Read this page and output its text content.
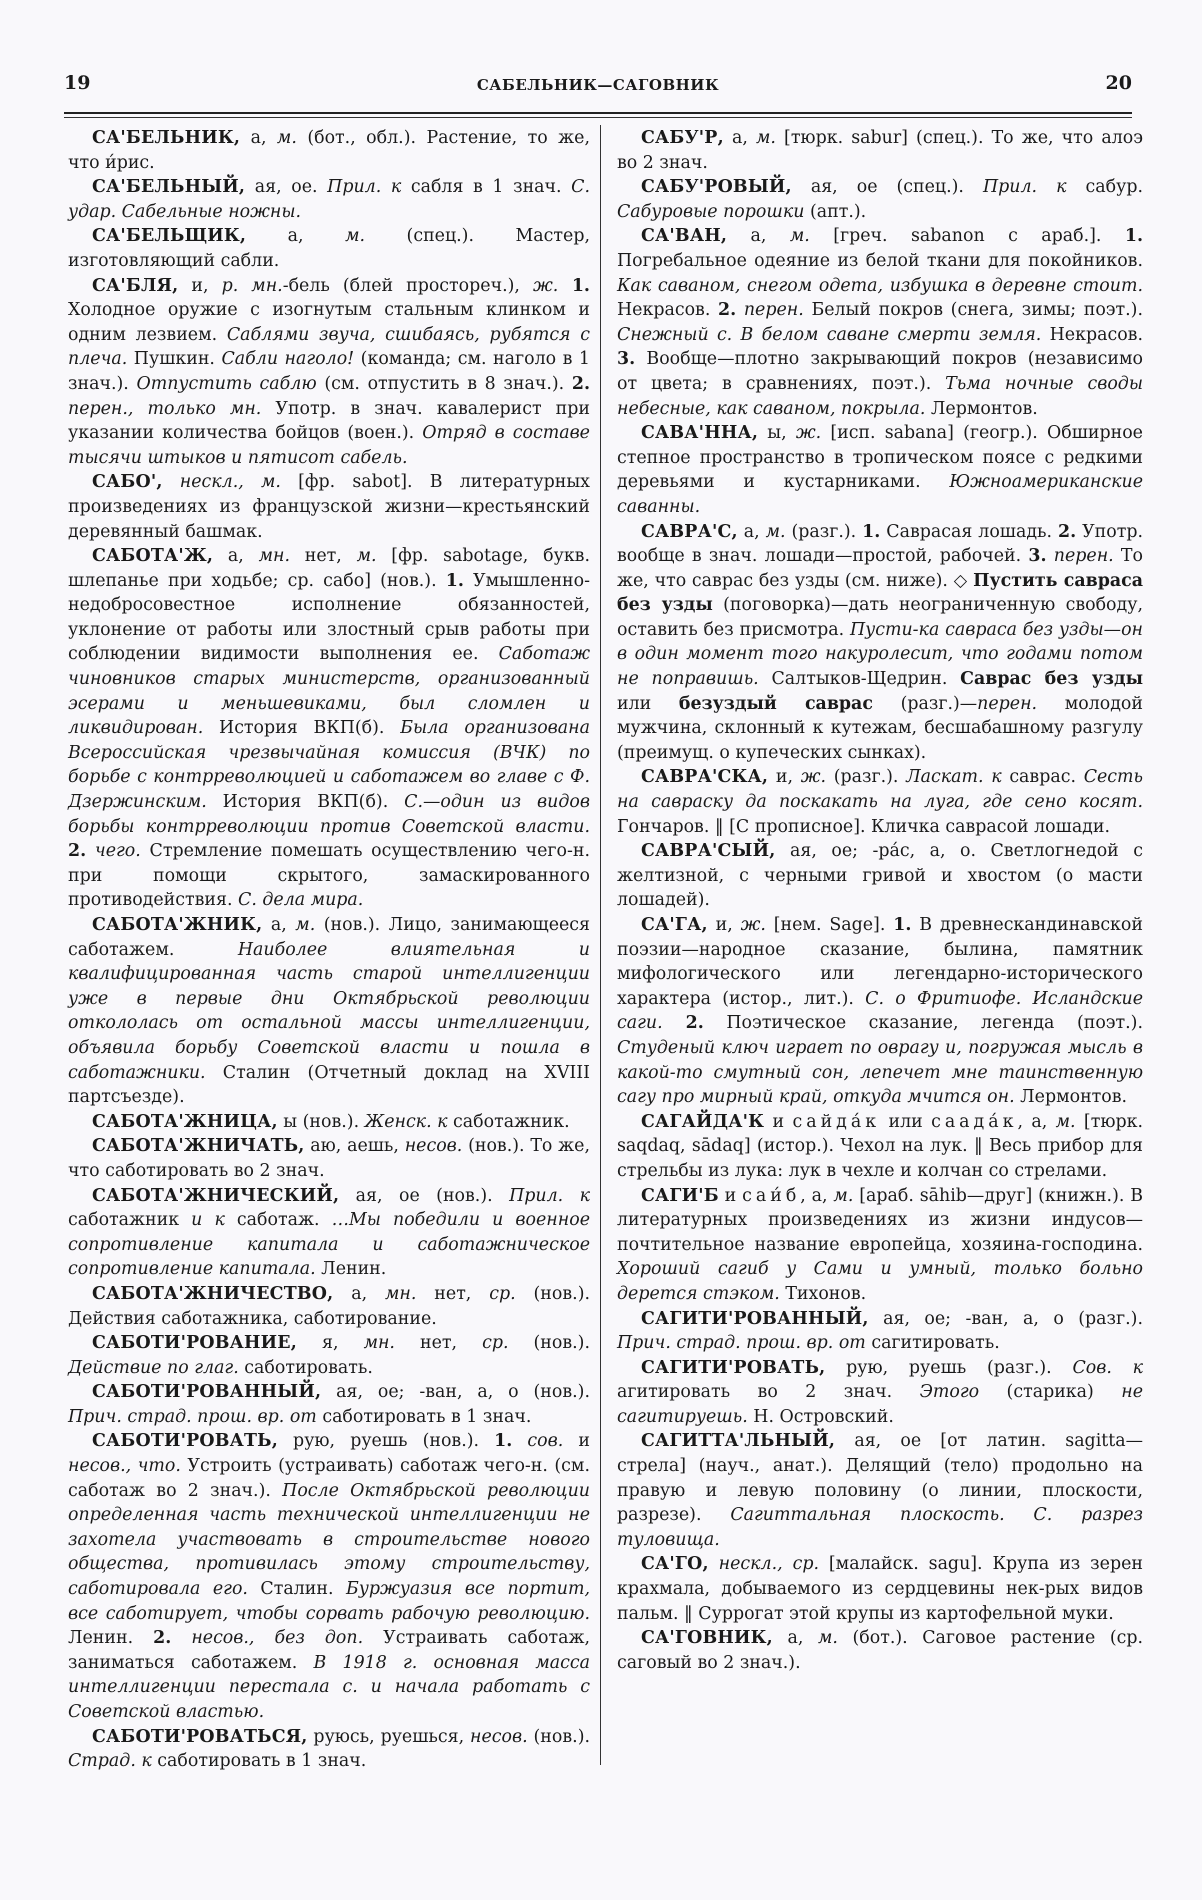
19	САБЕЛЬНИК—САГОВНИК	20

СА'БЕЛЬНИК, а, м. (бот., обл.). Растение, то же, что и́рис.

СА'БЕЛЬНЫЙ, ая, ое. Прил. к сабля в 1 знач. С. удар. Сабельные ножны.

СА'БЕЛЬЩИК, а, м. (спец.). Мастер, изготовляющий сабли.

СА'БЛЯ, и, р. мн.-бель (блей простореч.), ж. 1. Холодное оружие с изогнутым стальным клинком и одним лезвием. Саблями звуча, сшибаясь, рубятся с плеча. Пушкин. Сабли наголо! (команда; см. наголо в 1 знач.). Отпустить саблю (см. отпустить в 8 знач.). 2. перен., только мн. Употр. в знач. кавалерист при указании количества бойцов (воен.). Отряд в составе тысячи штыков и пятисот сабель.

САБО', нескл., м. [фр. sabot]. В литературных произведениях из французской жизни—крестьянский деревянный башмак.

САБОТА'Ж, а, мн. нет, м. [фр. sabotage, букв. шлепанье при ходьбе; ср. сабо] (нов.). 1. Умышленно-недобросовестное исполнение обязанностей, уклонение от работы или злостный срыв работы при соблюдении видимости выполнения ее. Саботаж чиновников старых министерств, организованный эсерами и меньшевиками, был сломлен и ликвидирован. История ВКП(б). Была организована Всероссийская чрезвычайная комиссия (ВЧК) по борьбе с контрреволюцией и саботажем во главе с Ф. Дзержинским. История ВКП(б). С.—один из видов борьбы контрреволюции против Советской власти. 2. чего. Стремление помешать осуществлению чего-н. при помощи скрытого, замаскированного противодействия. С. дела мира.

САБОТА'ЖНИК, а, м. (нов.). Лицо, занимающееся саботажем. Наиболее влиятельная и квалифицированная часть старой интеллигенции уже в первые дни Октябрьской революции откололась от остальной массы интеллигенции, объявила борьбу Советской власти и пошла в саботажники. Сталин (Отчетный доклад на XVIII партсъезде).

САБОТА'ЖНИЦА, ы (нов.). Женск. к саботажник.

САБОТА'ЖНИЧАТЬ, аю, аешь, несов. (нов.). То же, что саботировать во 2 знач.

САБОТА'ЖНИЧЕСКИЙ, ая, ое (нов.). Прил. к саботажник и к саботаж. …Мы победили и военное сопротивление капитала и саботажническое сопротивление капитала. Ленин.

САБОТА'ЖНИЧЕСТВО, а, мн. нет, ср. (нов.). Действия саботажника, саботирование.

САБОТИ'РОВАНИЕ, я, мн. нет, ср. (нов.). Действие по глаг. саботировать.

САБОТИ'РОВАННЫЙ, ая, ое; -ван, а, о (нов.). Прич. страд. прош. вр. от саботировать в 1 знач.

САБОТИ'РОВАТЬ, рую, руешь (нов.). 1. сов. и несов., что. Устроить (устраивать) саботаж чего-н. (см. саботаж во 2 знач.). После Октябрьской революции определенная часть технической интеллигенции не захотела участвовать в строительстве нового общества, противилась этому строительству, саботировала его. Сталин. Буржуазия все портит, все саботирует, чтобы сорвать рабочую революцию. Ленин. 2. несов., без доп. Устраивать саботаж, заниматься саботажем. В 1918 г. основная масса интеллигенции перестала с. и начала работать с Советской властью.

САБОТИ'РОВАТЬСЯ, руюсь, руешься, несов. (нов.). Страд. к саботировать в 1 знач.

САБУ'Р, а, м. [тюрк. sabur] (спец.). То же, что алоэ во 2 знач.

САБУ'РОВЫЙ, ая, ое (спец.). Прил. к сабур. Сабуровые порошки (апт.).

СА'ВАН, а, м. [греч. sabanon с араб.]. 1. Погребальное одеяние из белой ткани для покойников. Как саваном, снегом одета, избушка в деревне стоит. Некрасов. 2. перен. Белый покров (снега, зимы; поэт.). Снежный с. В белом саване смерти земля. Некрасов. 3. Вообще—плотно закрывающий покров (независимо от цвета; в сравнениях, поэт.). Тьма ночные своды небесные, как саваном, покрыла. Лермонтов.

САВА'ННА, ы, ж. [исп. sabana] (геогр.). Обширное степное пространство в тропическом поясе с редкими деревьями и кустарниками. Южноамериканские саванны.

САВРА'С, а, м. (разг.). 1. Саврасая лошадь. 2. Употр. вообще в знач. лошади—простой, рабочей. 3. перен. То же, что саврас без узды (см. ниже). ◇ Пустить савраса без узды (поговорка)—дать неограниченную свободу, оставить без присмотра. Пусти-ка савраса без узды—он в один момент того накуролесит, что годами потом не поправишь. Салтыков-Щедрин. Саврас без узды или безуздый саврас (разг.)—перен. молодой мужчина, склонный к кутежам, бесшабашному разгулу (преимущ. о купеческих сынках).

САВРА'СКА, и, ж. (разг.). Ласкат. к саврас. Сесть на савраску да поскакать на луга, где сено косят. Гончаров. ‖ [С прописное]. Кличка саврасой лошади.

САВРА'СЫЙ, ая, ое; -ра́с, а, о. Светлогнедой с желтизной, с черными гривой и хвостом (о масти лошадей).

СА'ГА, и, ж. [нем. Sage]. 1. В древнескандинавской поэзии—народное сказание, былина, памятник мифологического или легендарно-исторического характера (истор., лит.). С. о Фритиофе. Исландские саги. 2. Поэтическое сказание, легенда (поэт.). Студеный ключ играет по оврагу и, погружая мысль в какой-то смутный сон, лепечет мне таинственную сагу про мирный край, откуда мчится он. Лермонтов.

САГАЙДА'К и сайда́к или саада́к, а, м. [тюрк. saqdaq, sādaq] (истор.). Чехол на лук. ‖ Весь прибор для стрельбы из лука: лук в чехле и колчан со стрелами.

САГИ'Б и саи́б, а, м. [араб. sāhib—друг] (книжн.). В литературных произведениях из жизни индусов—почтительное название европейца, хозяина-господина. Хороший сагиб у Сами и умный, только больно дерется стэком. Тихонов.

САГИТИ'РОВАННЫЙ, ая, ое; -ван, а, о (разг.). Прич. страд. прош. вр. от сагитировать.

САГИТИ'РОВАТЬ, рую, руешь (разг.). Сов. к агитировать во 2 знач. Этого (старика) не сагитируешь. Н. Островский.

САГИТТА'ЛЬНЫЙ, ая, ое [от латин. sagitta—стрела] (науч., анат.). Делящий (тело) продольно на правую и левую половину (о линии, плоскости, разрезе). Сагиттальная плоскость. С. разрез туловища.

СА'ГО, нескл., ср. [малайск. sagu]. Крупа из зерен крахмала, добываемого из сердцевины нек-рых видов пальм. ‖ Суррогат этой крупы из картофельной муки.

СА'ГОВНИК, а, м. (бот.). Саговое растение (ср. саговый во 2 знач.).
